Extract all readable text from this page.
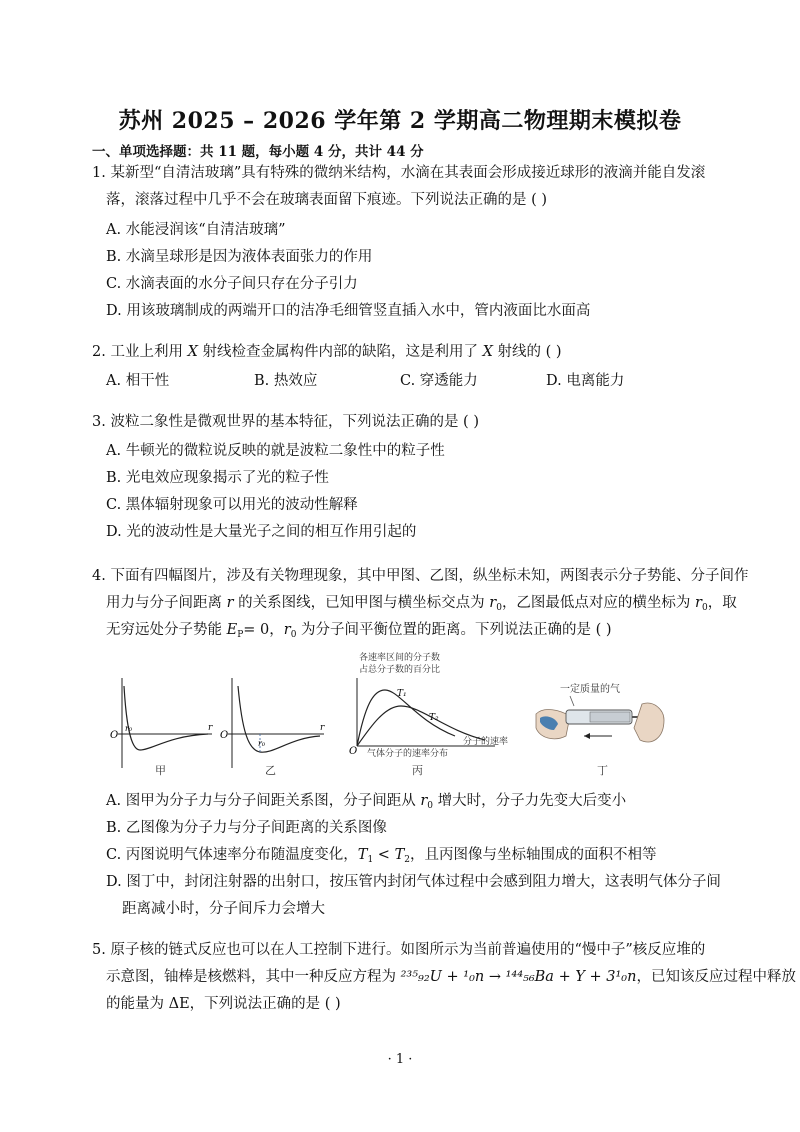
苏州 2025 – 2026 学年第 2 学期高二物理期末模拟卷
一、单项选择题：共 11 题，每小题 4 分，共计 44 分
1. 某新型“自清洁玻璃”具有特殊的微纳米结构，水滴在其表面会形成接近球形的液滴并能自发滚
落，滚落过程中几乎不会在玻璃表面留下痕迹。下列说法正确的是 ( )
A. 水能浸润该“自清洁玻璃”
B. 水滴呈球形是因为液体表面张力的作用
C. 水滴表面的水分子间只存在分子引力
D. 用该玻璃制成的两端开口的洁净毛细管竖直插入水中，管内液面比水面高
2. 工业上利用 X 射线检查金属构件内部的缺陷，这是利用了 X 射线的 ( )
A. 相干性	B. 热效应	C. 穿透能力	D. 电离能力
3. 波粒二象性是微观世界的基本特征，下列说法正确的是 ( )
A. 牛顿光的微粒说反映的就是波粒二象性中的粒子性
B. 光电效应现象揭示了光的粒子性
C. 黑体辐射现象可以用光的波动性解释
D. 光的波动性是大量光子之间的相互作用引起的
4. 下面有四幅图片，涉及有关物理现象，其中甲图、乙图，纵坐标未知，两图表示分子势能、分子间作
用力与分子间距离 r 的关系图线，已知甲图与横坐标交点为 $r_0$，乙图最低点对应的横坐标为 $r_0$，取
无穷远处分子势能 $E_P= 0$，$r_0$ 为分子间平衡位置的距离。下列说法正确的是 ( )
O
r₀	r
甲
O
r₀
r
乙
各速率区间的分子数
占总分子数的百分比
T₁
T₂
分子的速率
O 气体分子的速率分布
丙
一定质量的气
丁
A. 图甲为分子力与分子间距关系图，分子间距从 $r_0$ 增大时，分子力先变大后变小
B. 乙图像为分子力与分子间距离的关系图像
C. 丙图说明气体速率分布随温度变化，$T_1 < T_2$，且丙图像与坐标轴围成的面积不相等
D. 图丁中，封闭注射器的出射口，按压管内封闭气体过程中会感到阻力增大，这表明气体分子间
距离减小时，分子间斥力会增大
5. 原子核的链式反应也可以在人工控制下进行。如图所示为当前普遍使用的“慢中子”核反应堆的
示意图，铀棒是核燃料，其中一种反应方程为 ²³⁵₉₂U + ¹₀n → ¹⁴⁴₅₆Ba + Y + 3¹₀n，已知该反应过程中释放
的能量为 ΔE，下列说法正确的是 ( )
· 1 ·
